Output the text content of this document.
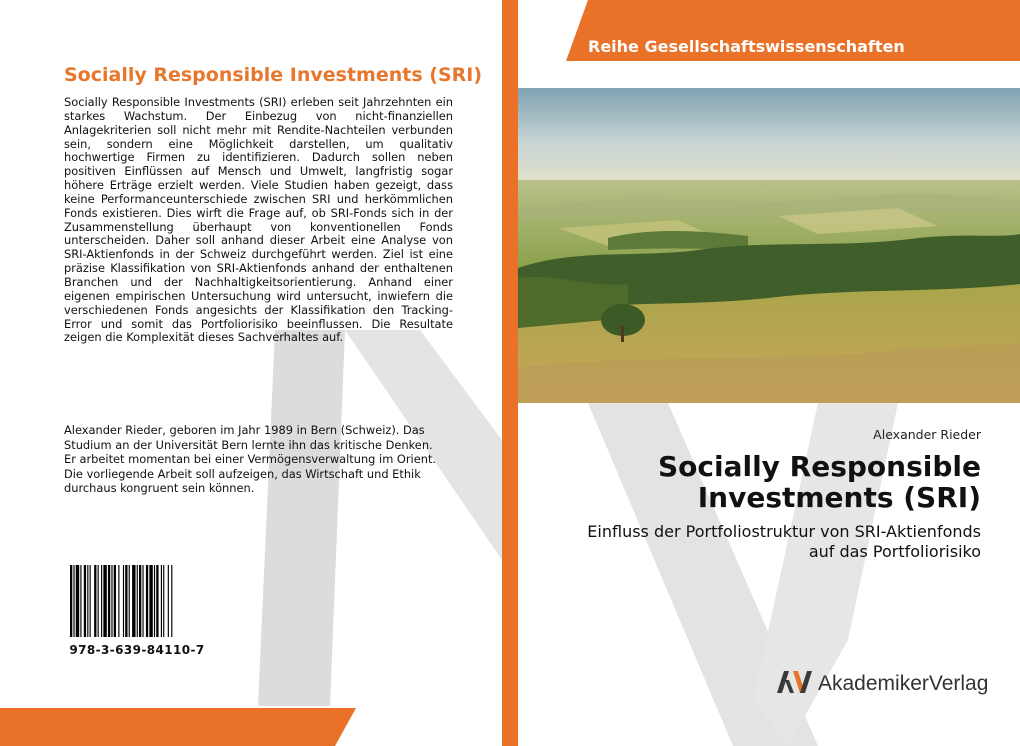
Socially Responsible Investments (SRI)

Socially Responsible Investments (SRI) erleben seit Jahrzehnten ein starkes Wachstum. Der Einbezug von nicht-finanziellen Anlagekriterien soll nicht mehr mit Rendite-Nachteilen verbunden sein, sondern eine Möglichkeit darstellen, um qualitativ hochwertige Firmen zu identifizieren. Dadurch sollen neben positiven Einflüssen auf Mensch und Umwelt, langfristig sogar höhere Erträge erzielt werden. Viele Studien haben gezeigt, dass keine Performanceunterschiede zwischen SRI und herkömmlichen Fonds existieren. Dies wirft die Frage auf, ob SRI-Fonds sich in der Zusammenstellung überhaupt von konventionellen Fonds unterscheiden. Daher soll anhand dieser Arbeit eine Analyse von SRI-Aktienfonds in der Schweiz durchgeführt werden. Ziel ist eine präzise Klassifikation von SRI-Aktienfonds anhand der enthaltenen Branchen und der Nachhaltigkeitsorientierung. Anhand einer eigenen empirischen Untersuchung wird untersucht, inwiefern die verschiedenen Fonds angesichts der Klassifikation den Tracking-Error und somit das Portfoliorisiko beeinflussen. Die Resultate zeigen die Komplexität dieses Sachverhaltes auf.

Alexander Rieder, geboren im Jahr 1989 in Bern (Schweiz). Das Studium an der Universität Bern lernte ihn das kritische Denken. Er arbeitet momentan bei einer Vermögensverwaltung im Orient. Die vorliegende Arbeit soll aufzeigen, das Wirtschaft und Ethik durchaus kongruent sein können.

978-3-639-84110-7

Reihe Gesellschaftswissenschaften

Alexander Rieder

Socially Responsible
Investments (SRI)

Einfluss der Portfoliostruktur von SRI-Aktienfonds
auf das Portfoliorisiko

AkademikerVerlag
